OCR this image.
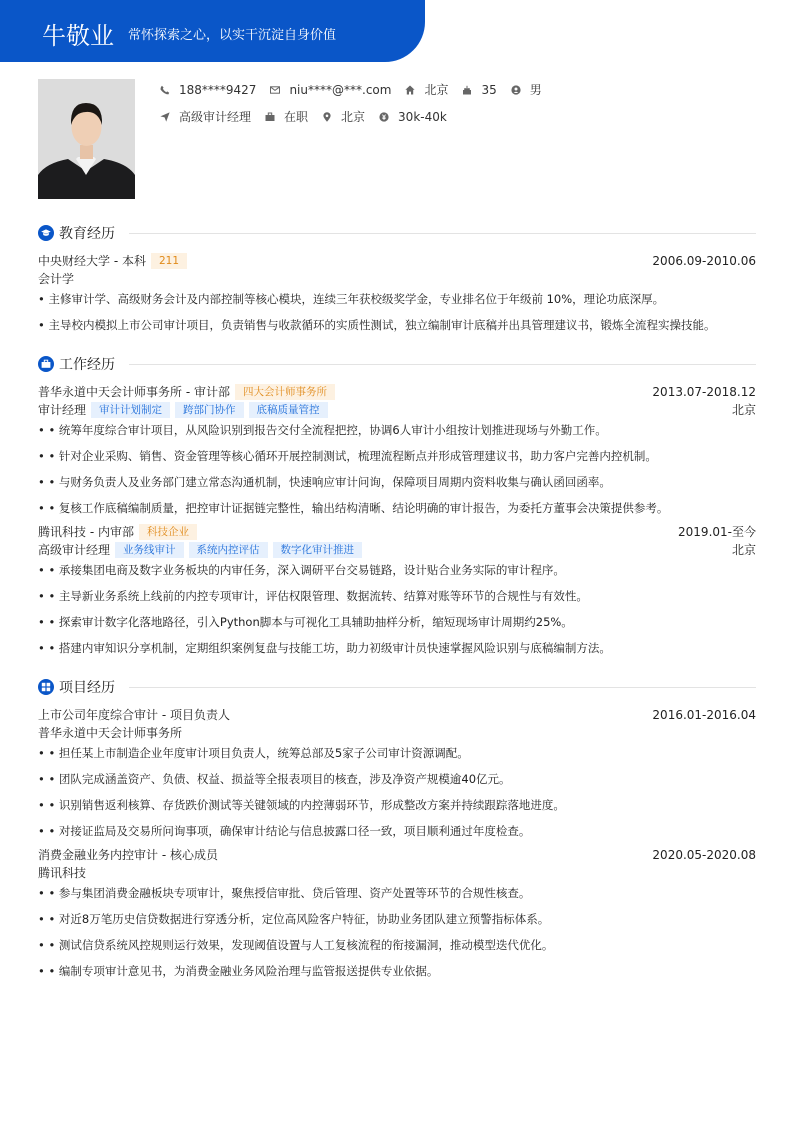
牛敬业 常怀探索之心，以实干沉淀自身价值
188****9427	niu****@***.com	北京	35	男
高级审计经理	在职	北京	30k-40k
教育经历
中央财经大学 - 本科 211	2006.09-2010.06
会计学
• 主修审计学、高级财务会计及内部控制等核心模块，连续三年获校级奖学金，专业排名位于年级前 10%，理论功底深厚。
• 主导校内模拟上市公司审计项目，负责销售与收款循环的实质性测试，独立编制审计底稿并出具管理建议书，锻炼全流程实操技能。
工作经历
普华永道中天会计师事务所 - 审计部 四大会计师事务所	2013.07-2018.12
审计经理 审计计划制定 跨部门协作 底稿质量管控	北京
• • 统筹年度综合审计项目，从风险识别到报告交付全流程把控，协调6人审计小组按计划推进现场与外勤工作。
• • 针对企业采购、销售、资金管理等核心循环开展控制测试，梳理流程断点并形成管理建议书，助力客户完善内控机制。
• • 与财务负责人及业务部门建立常态沟通机制，快速响应审计问询，保障项目周期内资料收集与确认函回函率。
• • 复核工作底稿编制质量，把控审计证据链完整性，输出结构清晰、结论明确的审计报告，为委托方董事会决策提供参考。
腾讯科技 - 内审部 科技企业	2019.01-至今
高级审计经理 业务线审计 系统内控评估 数字化审计推进	北京
• • 承接集团电商及数字业务板块的内审任务，深入调研平台交易链路，设计贴合业务实际的审计程序。
• • 主导新业务系统上线前的内控专项审计，评估权限管理、数据流转、结算对账等环节的合规性与有效性。
• • 探索审计数字化落地路径，引入Python脚本与可视化工具辅助抽样分析，缩短现场审计周期约25%。
• • 搭建内审知识分享机制，定期组织案例复盘与技能工坊，助力初级审计员快速掌握风险识别与底稿编制方法。
项目经历
上市公司年度综合审计 - 项目负责人	2016.01-2016.04
普华永道中天会计师事务所
• • 担任某上市制造企业年度审计项目负责人，统筹总部及5家子公司审计资源调配。
• • 团队完成涵盖资产、负债、权益、损益等全报表项目的核查，涉及净资产规模逾40亿元。
• • 识别销售返利核算、存货跌价测试等关键领域的内控薄弱环节，形成整改方案并持续跟踪落地进度。
• • 对接证监局及交易所问询事项，确保审计结论与信息披露口径一致，项目顺利通过年度检查。
消费金融业务内控审计 - 核心成员	2020.05-2020.08
腾讯科技
• • 参与集团消费金融板块专项审计，聚焦授信审批、贷后管理、资产处置等环节的合规性核查。
• • 对近8万笔历史信贷数据进行穿透分析，定位高风险客户特征，协助业务团队建立预警指标体系。
• • 测试信贷系统风控规则运行效果，发现阈值设置与人工复核流程的衔接漏洞，推动模型迭代优化。
• • 编制专项审计意见书，为消费金融业务风险治理与监管报送提供专业依据。
